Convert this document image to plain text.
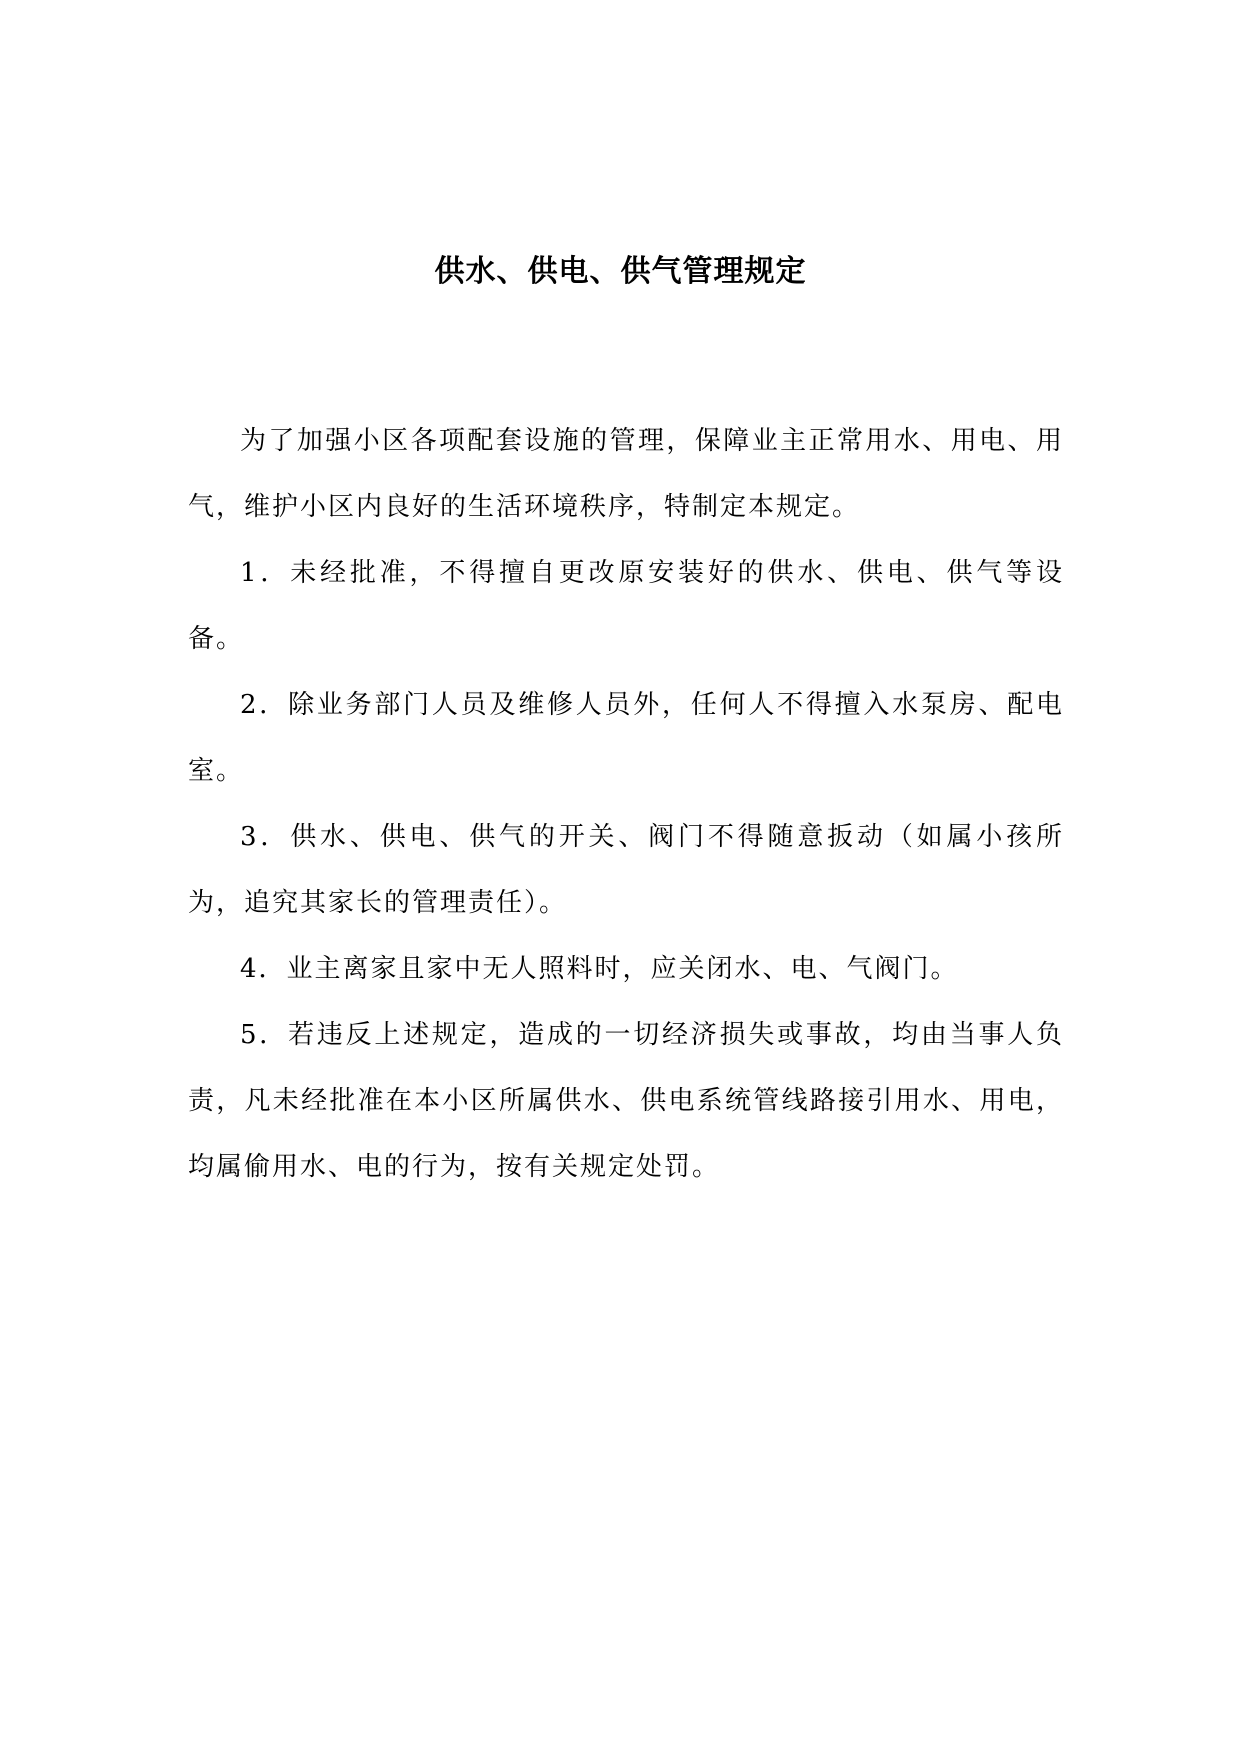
供水、供电、供气管理规定

为了加强小区各项配套设施的管理，保障业主正常用水、用电、用气，维护小区内良好的生活环境秩序，特制定本规定。

1．未经批准，不得擅自更改原安装好的供水、供电、供气等设备。

2．除业务部门人员及维修人员外，任何人不得擅入水泵房、配电室。

3．供水、供电、供气的开关、阀门不得随意扳动（如属小孩所为，追究其家长的管理责任）。

4．业主离家且家中无人照料时，应关闭水、电、气阀门。

5．若违反上述规定，造成的一切经济损失或事故，均由当事人负责，凡未经批准在本小区所属供水、供电系统管线路接引用水、用电，均属偷用水、电的行为，按有关规定处罚。
